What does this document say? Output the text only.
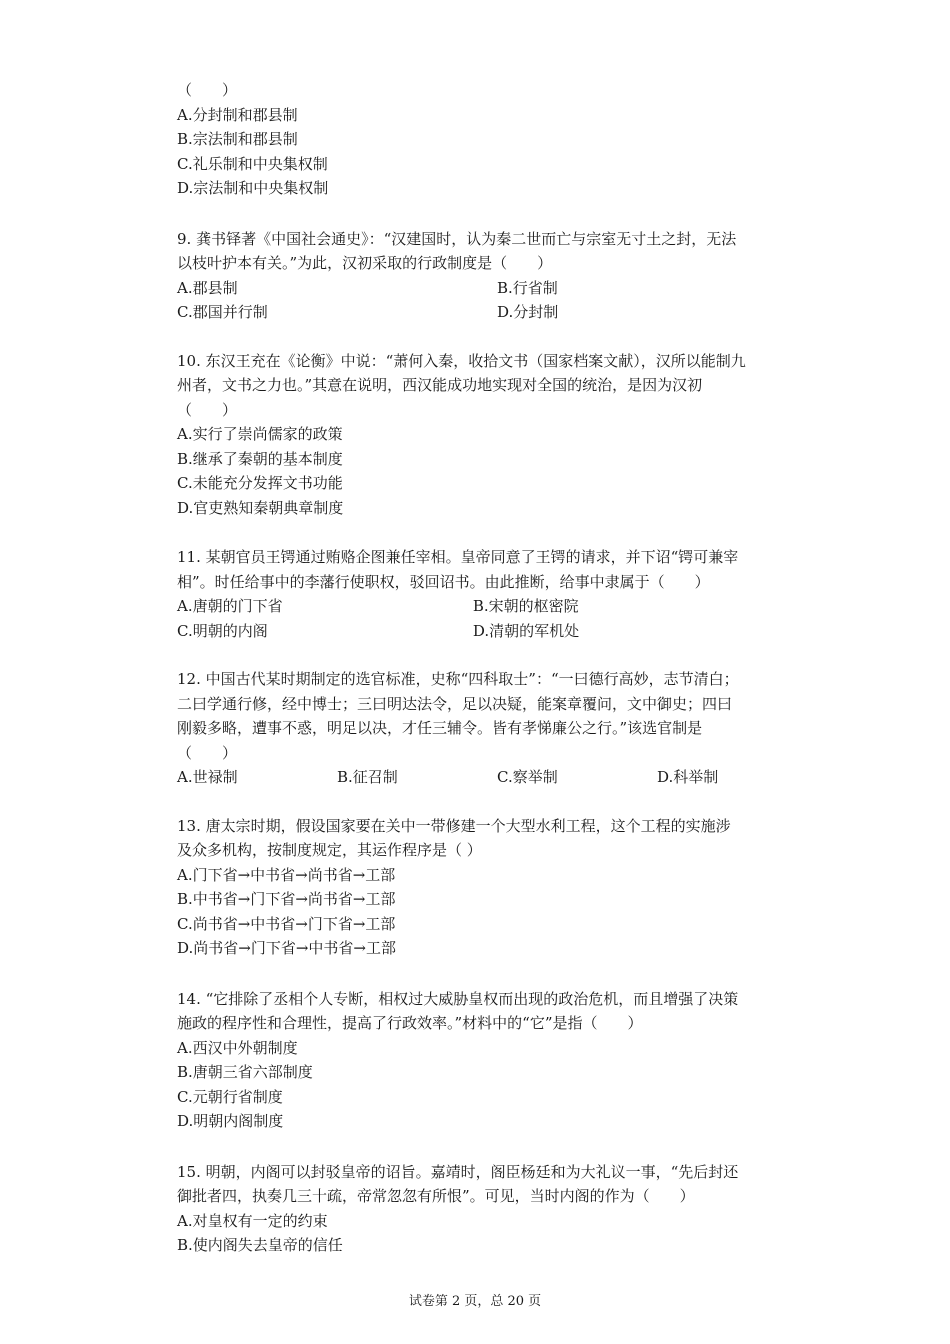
（　　）
A.分封制和郡县制
B.宗法制和郡县制
C.礼乐制和中央集权制
D.宗法制和中央集权制
9. 龚书铎著《中国社会通史》：“汉建国时，认为秦二世而亡与宗室无寸土之封，无法
以枝叶护本有关。”为此，汉初采取的行政制度是（　　）
A.郡县制	B.行省制
C.郡国并行制	D.分封制
10. 东汉王充在《论衡》中说：“萧何入秦，收拾文书（国家档案文献），汉所以能制九
州者，文书之力也。”其意在说明，西汉能成功地实现对全国的统治，是因为汉初
（　　）
A.实行了崇尚儒家的政策
B.继承了秦朝的基本制度
C.未能充分发挥文书功能
D.官吏熟知秦朝典章制度
11. 某朝官员王锷通过贿赂企图兼任宰相。皇帝同意了王锷的请求，并下诏“锷可兼宰
相”。时任给事中的李藩行使职权，驳回诏书。由此推断，给事中隶属于（　　）
A.唐朝的门下省	B.宋朝的枢密院
C.明朝的内阁	D.清朝的军机处
12. 中国古代某时期制定的选官标准，史称“四科取士”：“一曰德行高妙，志节清白；
二曰学通行修，经中博士；三曰明达法令，足以决疑，能案章覆问，文中御史；四曰
刚毅多略，遭事不惑，明足以决，才任三辅令。皆有孝悌廉公之行。”该选官制是
（　　）
A.世禄制	B.征召制	C.察举制	D.科举制
13. 唐太宗时期，假设国家要在关中一带修建一个大型水利工程，这个工程的实施涉
及众多机构，按制度规定，其运作程序是（ ）
A.门下省→中书省→尚书省→工部
B.中书省→门下省→尚书省→工部
C.尚书省→中书省→门下省→工部
D.尚书省→门下省→中书省→工部
14. “它排除了丞相个人专断，相权过大威胁皇权而出现的政治危机，而且增强了决策
施政的程序性和合理性，提高了行政效率。”材料中的“它”是指（　　）
A.西汉中外朝制度
B.唐朝三省六部制度
C.元朝行省制度
D.明朝内阁制度
15. 明朝，内阁可以封驳皇帝的诏旨。嘉靖时，阁臣杨廷和为大礼议一事，“先后封还
御批者四，执奏几三十疏，帝常忽忽有所恨”。可见，当时内阁的作为（　　）
A.对皇权有一定的约束
B.使内阁失去皇帝的信任
试卷第 2 页，总 20 页
